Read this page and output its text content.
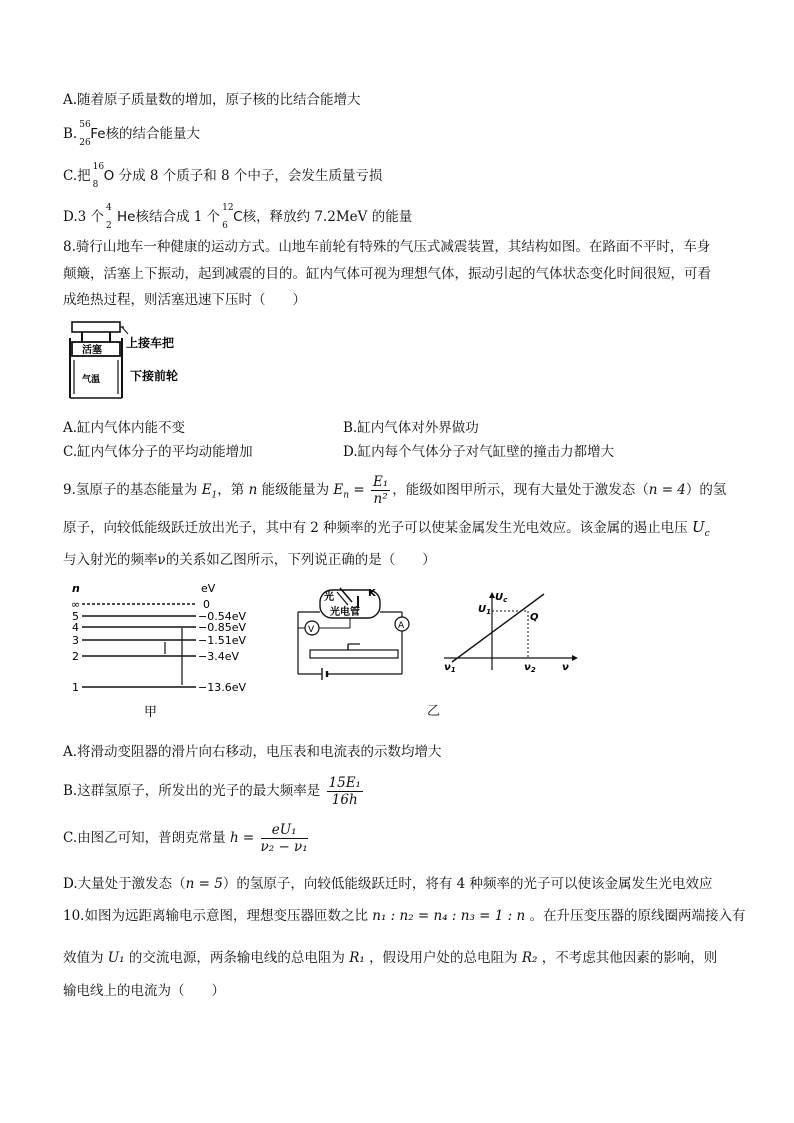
A.随着原子质量数的增加，原子核的比结合能增大
B.
56
26
Fe核的结合能量大
C.把
16
8
O 分成 8 个质子和 8 个中子，会发生质量亏损
D.3 个
4
2
He核结合成 1 个
12
6
C核，释放约 7.2MeV 的能量
8.骑行山地车一种健康的运动方式。山地车前轮有特殊的气压式减震装置，其结构如图。在路面不平时，车身
颠簸，活塞上下振动，起到减震的目的。缸内气体可视为理想气体，振动引起的气体状态变化时间很短，可看
成绝热过程，则活塞迅速下压时（　　）
活塞
气温
上接车把
下接前轮
A.缸内气体内能不变	B.缸内气体对外界做功
C.缸内气体分子的平均动能增加	D.缸内每个气体分子对气缸壁的撞击力都增大
9.氢原子的基态能量为 $E_1$，第 n 能级能量为 $E_n = \frac{\text{E₁}}{\text{n²}}$ ，能级如图甲所示，现有大量处于激发态（n = 4）的氢
原子，向较低能级跃迁放出光子，其中有 2 种频率的光子可以使某金属发生光电效应。该金属的遏止电压 $U_c$
与入射光的频率ν的关系如乙图所示，下列说正确的是（　　）
n	eV
∞	0
5	−0.54eV
4	−0.85eV
3	−1.51eV
2	−3.4eV
1	−13.6eV
甲
光	K
光电管
V	A
乙
$U_c$
$U_1$	Q
$\nu_1$	$\nu_2$	ν
A.将滑动变阻器的滑片向右移动，电压表和电流表的示数均增大
B.这群氢原子，所发出的光子的最大频率是 $\frac{\text{15E₁}}{16h}$
C.由图乙可知，普朗克常量 $h = \frac{\text{eU₁}}{\text{ν₂ − ν₁}}$
D.大量处于激发态（n = 5）的氢原子，向较低能级跃迁时，将有 4 种频率的光子可以使该金属发生光电效应
10.如图为远距离输电示意图，理想变压器匝数之比 n₁ : n₂ = n₄ : n₃ = 1 : n 。在升压变压器的原线圈两端接入有
效值为 U₁ 的交流电源，两条输电线的总电阻为 R₁ ，假设用户处的总电阻为 R₂ ，不考虑其他因素的影响，则
输电线上的电流为（　　）
